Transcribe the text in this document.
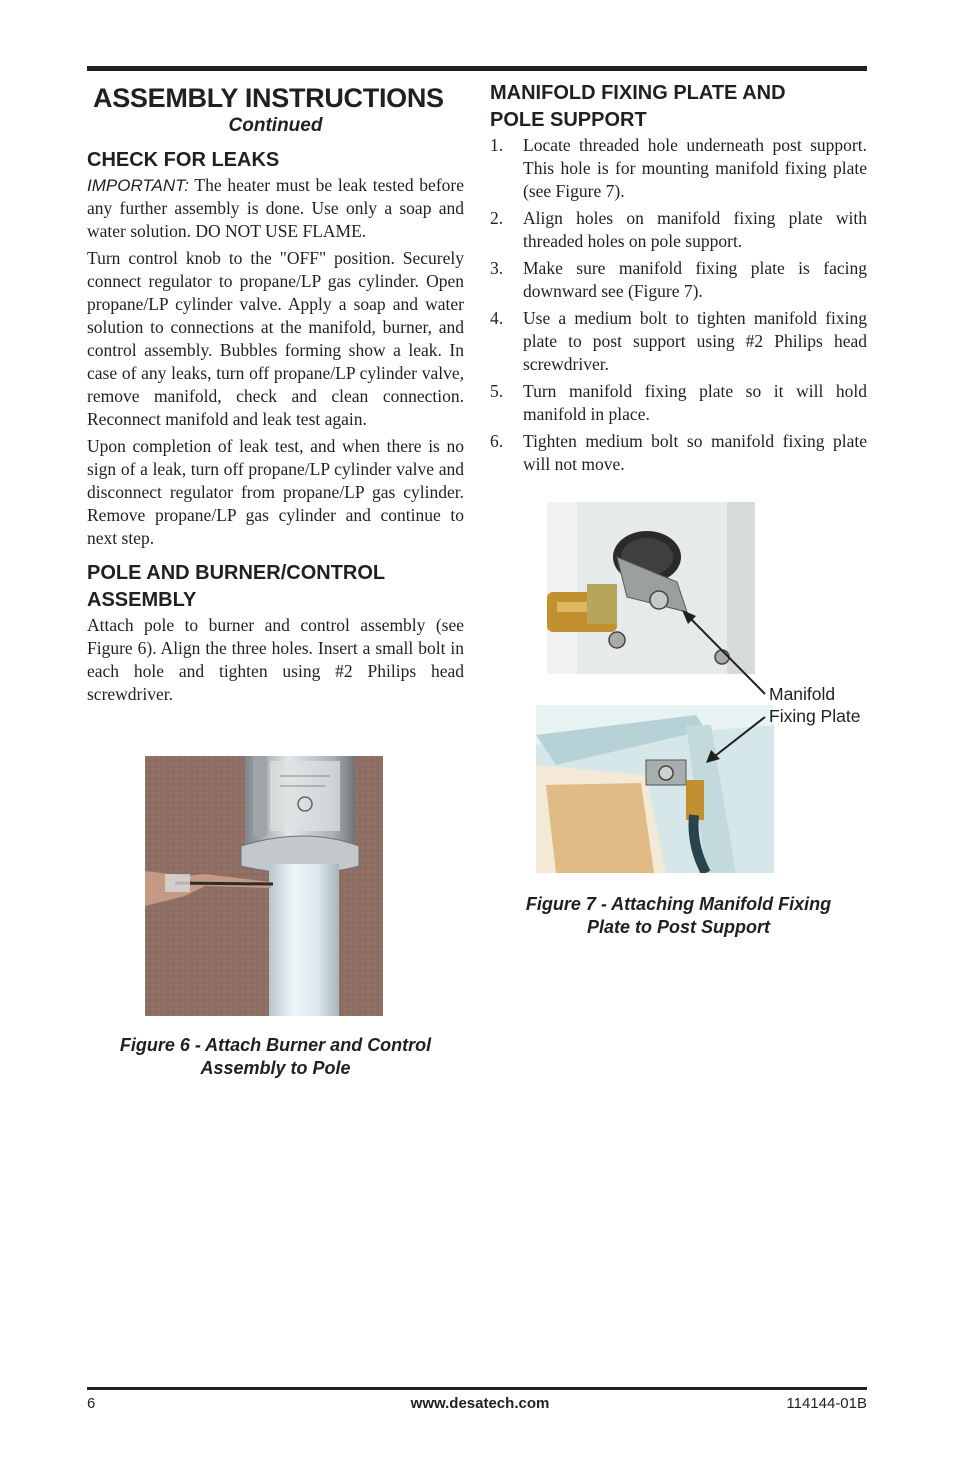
ASSEMBLY INSTRUCTIONS
Continued
CHECK FOR LEAKS

IMPORTANT: The heater must be leak tested before any further assembly is done. Use only a soap and water solution. DO NOT USE FLAME.

Turn control knob to the "OFF" position. Securely connect regulator to propane/LP gas cylinder. Open propane/LP cylinder valve. Apply a soap and water solution to connections at the manifold, burner, and control assembly. Bubbles forming show a leak. In case of any leaks, turn off propane/LP cylinder valve, remove manifold, check and clean connection. Reconnect manifold and leak test again.

Upon completion of leak test, and when there is no sign of a leak, turn off propane/LP cylinder valve and disconnect regulator from propane/LP gas cylinder. Remove propane/LP gas cylinder and continue to next step.

POLE AND BURNER/CONTROL
ASSEMBLY

Attach pole to burner and control assembly (see Figure 6). Align the three holes. Insert a small bolt in each hole and tighten using #2 Philips head screwdriver.

Figure 6 - Attach Burner and Control
Assembly to Pole
MANIFOLD FIXING PLATE AND
POLE SUPPORT
1. Locate threaded hole underneath post support. This hole is for mounting manifold fixing plate (see Figure 7).
2. Align holes on manifold fixing plate with threaded holes on pole support.
3. Make sure manifold fixing plate is facing downward see (Figure 7).
4. Use a medium bolt to tighten manifold fixing plate to post support using #2 Philips head screwdriver.
5. Turn manifold fixing plate so it will hold manifold in place.
6. Tighten medium bolt so manifold fixing plate will not move.
Manifold
Fixing Plate
Figure 7 - Attaching Manifold Fixing
Plate to Post Support
6	www.desatech.com	114144-01B
